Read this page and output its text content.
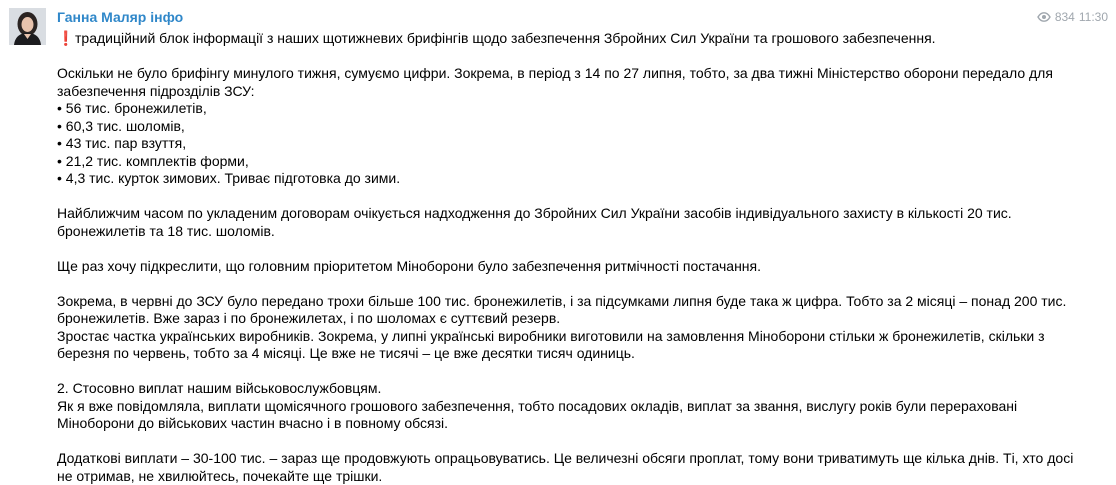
Ганна Маляр інфо	834 11:30
❗традиційний блок інформації з наших щотижневих брифінгів щодо забезпечення Збройних Сил України та грошового забезпечення.
Оскільки не було брифінгу минулого тижня, сумуємо цифри. Зокрема, в період з 14 по 27 липня, тобто, за два тижні Міністерство оборони передало для
забезпечення підрозділів ЗСУ:
• 56 тис. бронежилетів,
• 60,3 тис. шоломів,
• 43 тис. пар взуття,
• 21,2 тис. комплектів форми,
• 4,3 тис. курток зимових. Триває підготовка до зими.
Найближчим часом по укладеним договорам очікується надходження до Збройних Сил України засобів індивідуального захисту в кількості 20 тис.
бронежилетів та 18 тис. шоломів.
Ще раз хочу підкреслити, що головним пріоритетом Міноборони було забезпечення ритмічності постачання.
Зокрема, в червні до ЗСУ було передано трохи більше 100 тис. бронежилетів, і за підсумками липня буде така ж цифра. Тобто за 2 місяці – понад 200 тис.
бронежилетів. Вже зараз і по бронежилетах, і по шоломах є суттєвий резерв.
Зростає частка українських виробників. Зокрема, у липні українські виробники виготовили на замовлення Міноборони стільки ж бронежилетів, скільки з
березня по червень, тобто за 4 місяці. Це вже не тисячі – це вже десятки тисяч одиниць.
2. Стосовно виплат нашим військовослужбовцям.
Як я вже повідомляла, виплати щомісячного грошового забезпечення, тобто посадових окладів, виплат за звання, вислугу років були перераховані
Міноборони до військових частин вчасно і в повному обсязі.
Додаткові виплати – 30-100 тис. – зараз ще продовжують опрацьовуватись. Це величезні обсяги проплат, тому вони триватимуть ще кілька днів. Ті, хто досі
не отримав, не хвилюйтесь, почекайте ще трішки.
